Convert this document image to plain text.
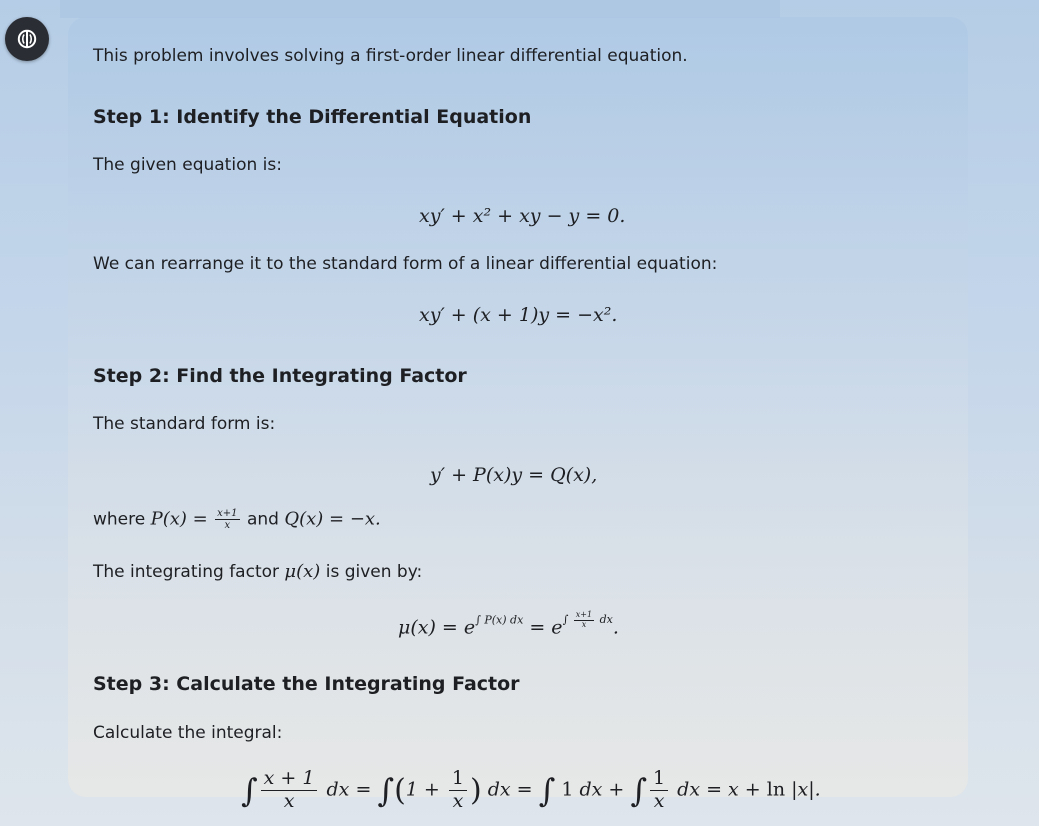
This problem involves solving a first-order linear differential equation.
Step 1: Identify the Differential Equation
The given equation is:
xy′ + x² + xy − y = 0.
We can rearrange it to the standard form of a linear differential equation:
xy′ + (x + 1)y = −x².
Step 2: Find the Integrating Factor
The standard form is:
y′ + P(x)y = Q(x),
where $P(x) = \frac{x+1}{x}$ and Q(x) = −x.
The integrating factor μ(x) is given by:
$\mu(x) = e^{\int P(x) dx} = e^{\int \frac{x+1}{x} dx}$.
Step 3: Calculate the Integrating Factor
Calculate the integral:
∫ $\frac{x + 1}{x}$ dx = $\int(1 + \frac{1}{x}$ ) dx = ∫ 1 dx + ∫ $\frac{1}{x}$ dx = x + ln |x|.
